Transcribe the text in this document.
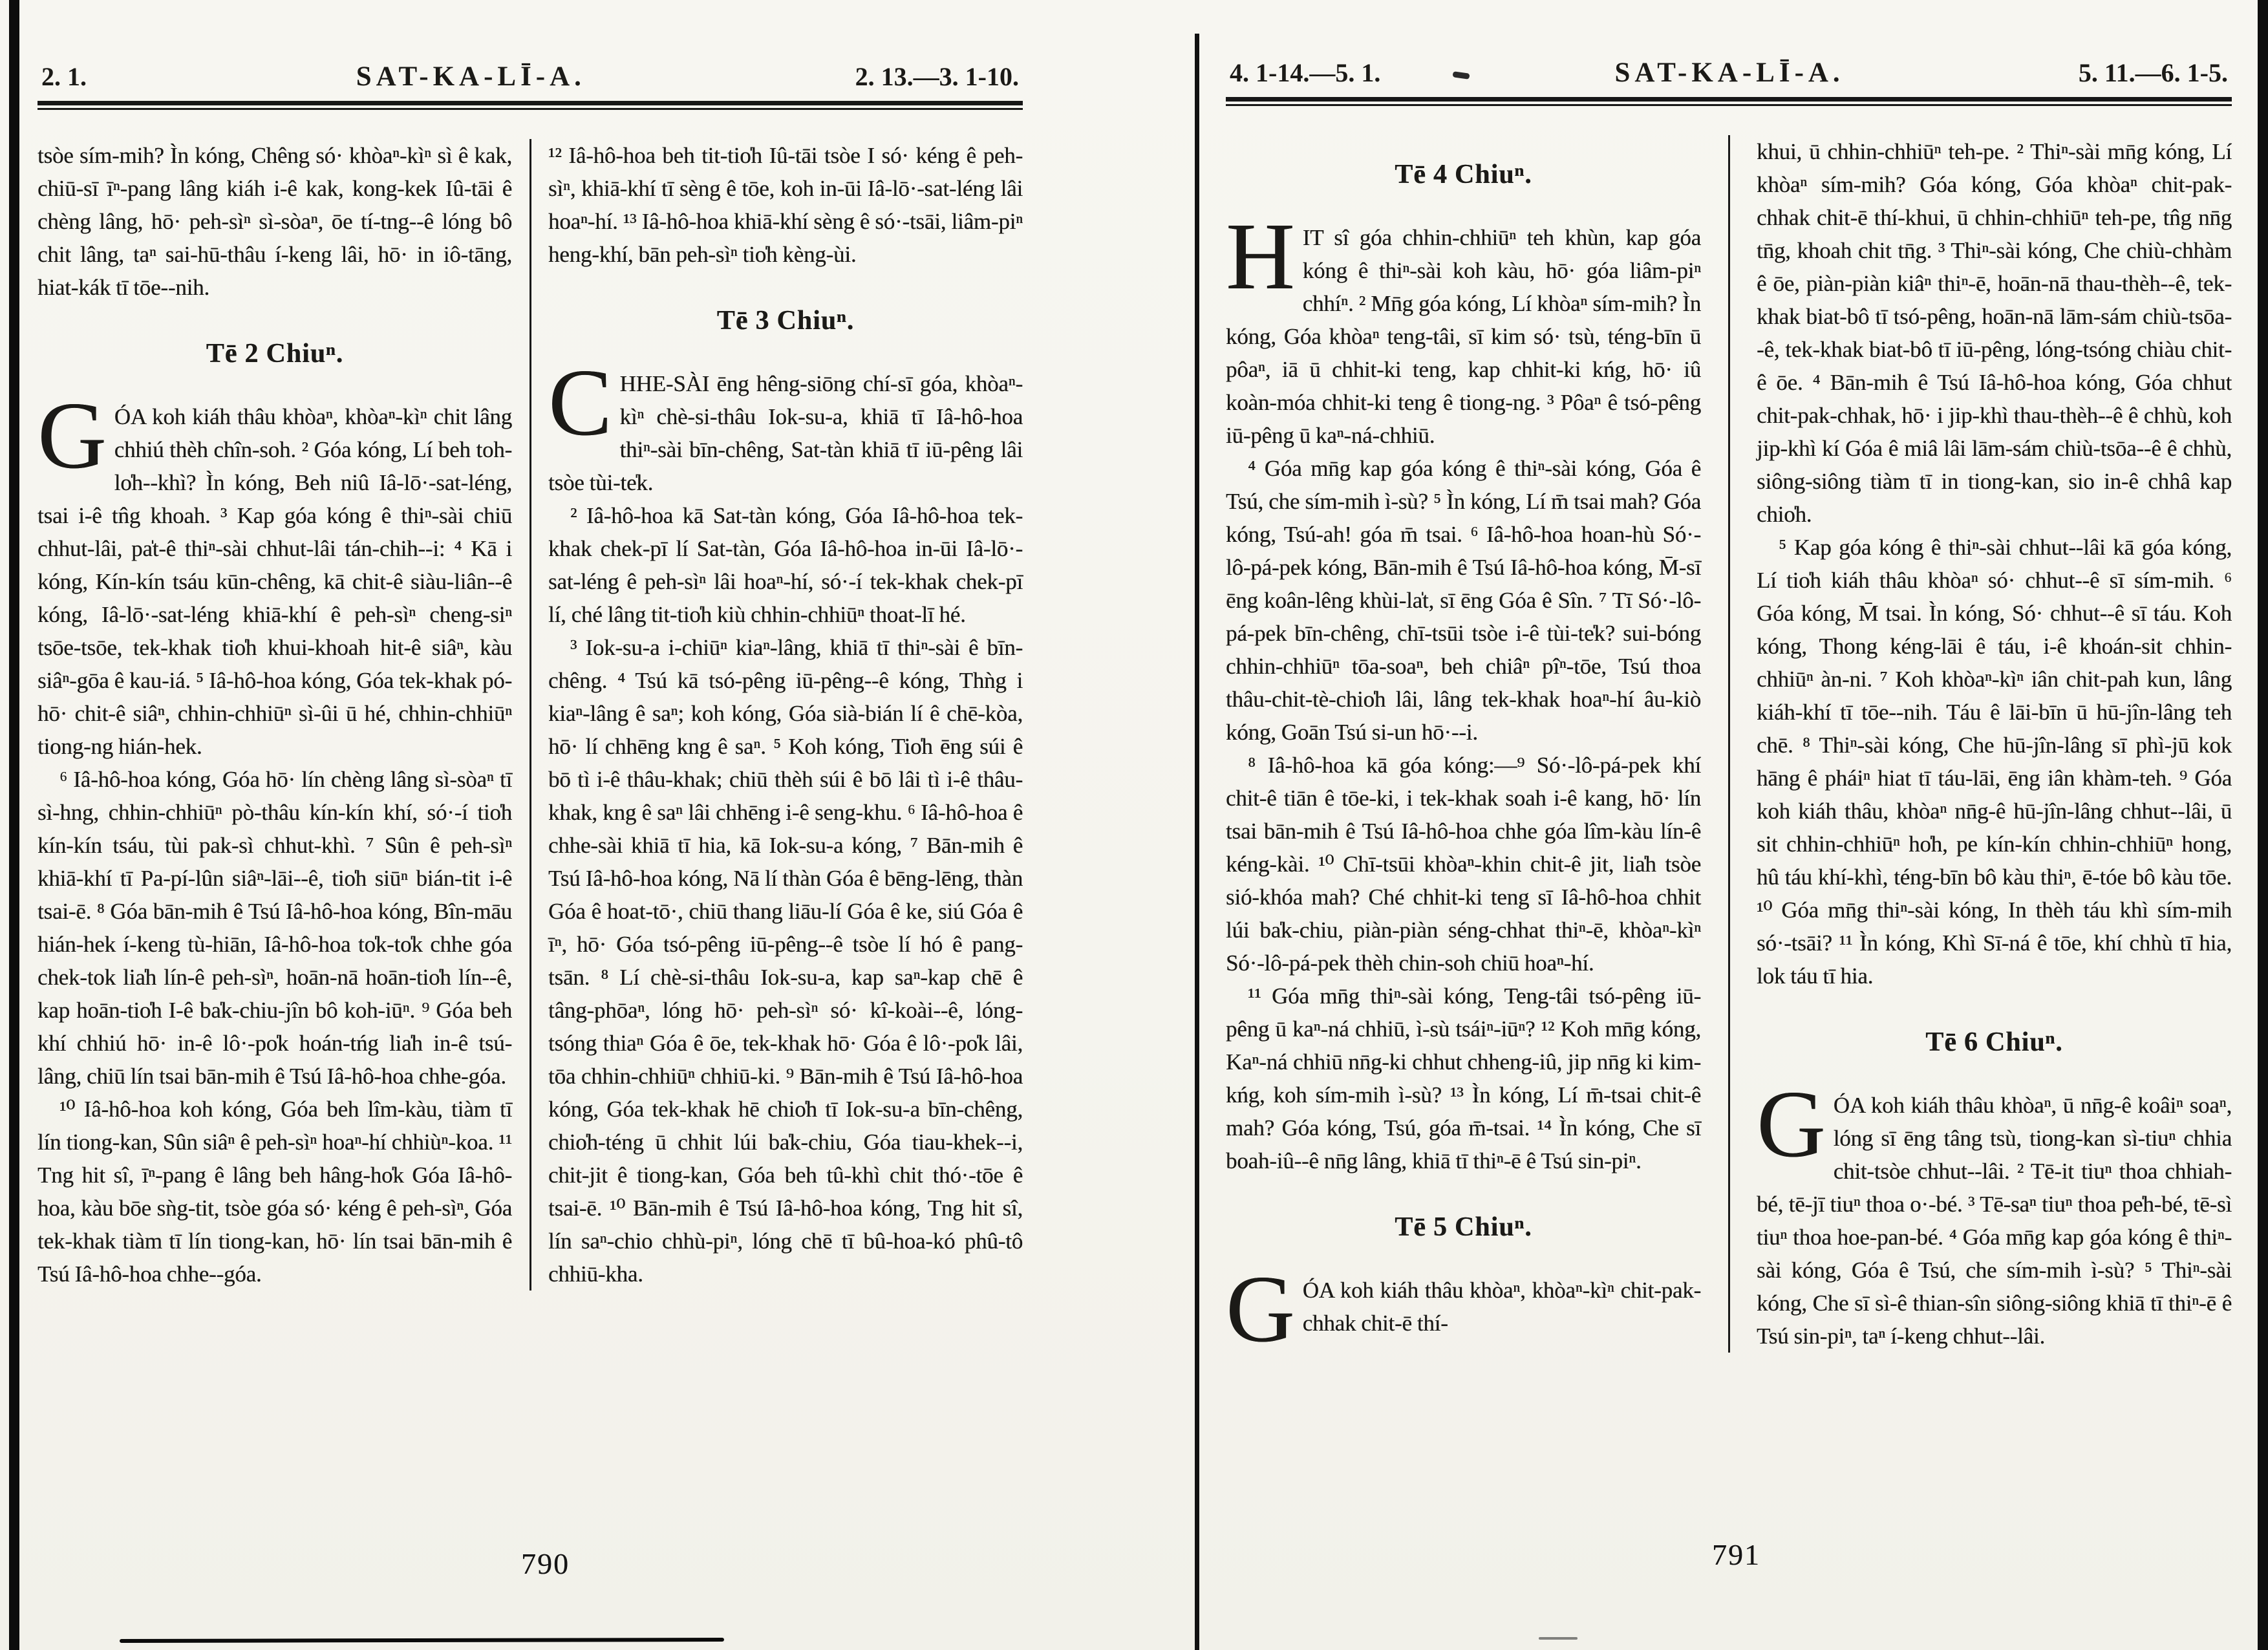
2. 1.	SAT-KA-LĪ-A.	2. 13.—3. 1-10.

tsòe sím-mih? Ìn kóng, Chêng só· khòaⁿ-kìⁿ sì ê kak, chiū-sī īⁿ-pang lâng kiáh i-ê kak, kong-kek Iû-tāi ê chèng lâng, hō· peh-sìⁿ sì-sòaⁿ, ōe tí-tng--ê lóng bô chit lâng, taⁿ sai-hū-thâu í-keng lâi, hō· in iô-tāng, hiat-kák tī tōe--nih.

Tē 2 Chiuⁿ.

GÓA koh kiáh thâu khòaⁿ, khòaⁿ-kìⁿ chit lâng chhiú thèh chîn-soh. ² Góa kóng, Lí beh toh-lo̍h--khì? Ìn kóng, Beh niû Iâ-lō·-sat-léng, tsai i-ê tn̂g khoah. ³ Kap góa kóng ê thiⁿ-sài chiū chhut-lâi, pa̍t-ê thiⁿ-sài chhut-lâi tán-chih--i: ⁴ Kā i kóng, Kín-kín tsáu kūn-chêng, kā chit-ê siàu-liân--ê kóng, Iâ-lō·-sat-léng khiā-khí ê peh-sìⁿ cheng-siⁿ tsōe-tsōe, tek-khak tio̍h khui-khoah hit-ê siâⁿ, kàu siâⁿ-gōa ê kau-iá. ⁵ Iâ-hô-hoa kóng, Góa tek-khak pó-hō· chit-ê siâⁿ, chhin-chhiūⁿ sì-ûi ū hé, chhin-chhiūⁿ tiong-ng hián-hek.

⁶ Iâ-hô-hoa kóng, Góa hō· lín chèng lâng sì-sòaⁿ tī sì-hng, chhin-chhiūⁿ pò-thâu kín-kín khí, só·-í tio̍h kín-kín tsáu, tùi pak-sì chhut-khì. ⁷ Sûn ê peh-sìⁿ khiā-khí tī Pa-pí-lûn siâⁿ-lāi--ê, tio̍h siūⁿ bián-tit i-ê tsai-ē. ⁸ Góa bān-mih ê Tsú Iâ-hô-hoa kóng, Bîn-māu hián-hek í-keng tù-hiān, Iâ-hô-hoa to̍k-to̍k chhe góa chek-tok lia̍h lín-ê peh-sìⁿ, hoān-nā hoān-tio̍h lín--ê, kap hoān-tio̍h I-ê ba̍k-chiu-jîn bô koh-iūⁿ. ⁹ Góa beh khí chhiú hō· in-ê lô·-po̍k hoán-tńg lia̍h in-ê tsú-lâng, chiū lín tsai bān-mih ê Tsú Iâ-hô-hoa chhe-góa.

¹⁰ Iâ-hô-hoa koh kóng, Góa beh lîm-kàu, tiàm tī lín tiong-kan, Sûn siâⁿ ê peh-sìⁿ hoaⁿ-hí chhiùⁿ-koa. ¹¹ Tng hit sî, īⁿ-pang ê lâng beh hâng-ho̍k Góa Iâ-hô-hoa, kàu bōe sǹg-tit, tsòe góa só· kéng ê peh-sìⁿ, Góa tek-khak tiàm tī lín tiong-kan, hō· lín tsai bān-mih ê Tsú Iâ-hô-hoa chhe--góa.

¹² Iâ-hô-hoa beh tit-tio̍h Iû-tāi tsòe I só· kéng ê peh-sìⁿ, khiā-khí tī sèng ê tōe, koh in-ūi Iâ-lō·-sat-léng lâi hoaⁿ-hí. ¹³ Iâ-hô-hoa khiā-khí sèng ê só·-tsāi, liâm-piⁿ heng-khí, bān peh-sìⁿ tio̍h kèng-ùi.

Tē 3 Chiuⁿ.

CHHE-SÀI ēng hêng-siōng chí-sī góa, khòaⁿ-kìⁿ chè-si-thâu Iok-su-a, khiā tī Iâ-hô-hoa thiⁿ-sài bīn-chêng, Sat-tàn khiā tī iū-pêng lâi tsòe tùi-te̍k.

² Iâ-hô-hoa kā Sat-tàn kóng, Góa Iâ-hô-hoa tek-khak chek-pī lí Sat-tàn, Góa Iâ-hô-hoa in-ūi Iâ-lō·-sat-léng ê peh-sìⁿ lâi hoaⁿ-hí, só·-í tek-khak chek-pī lí, ché lâng tit-tio̍h kiù chhin-chhiūⁿ thoat-lī hé.

³ Iok-su-a i-chiūⁿ kiaⁿ-lâng, khiā tī thiⁿ-sài ê bīn-chêng. ⁴ Tsú kā tsó-pêng iū-pêng--ê kóng, Thǹg i kiaⁿ-lâng ê saⁿ; koh kóng, Góa sià-bián lí ê chē-kòa, hō· lí chhēng kng ê saⁿ. ⁵ Koh kóng, Tio̍h ēng súi ê bō tì i-ê thâu-khak; chiū thèh súi ê bō lâi tì i-ê thâu-khak, kng ê saⁿ lâi chhēng i-ê seng-khu. ⁶ Iâ-hô-hoa ê chhe-sài khiā tī hia, kā Iok-su-a kóng, ⁷ Bān-mih ê Tsú Iâ-hô-hoa kóng, Nā lí thàn Góa ê bēng-lēng, thàn Góa ê hoat-tō·, chiū thang liāu-lí Góa ê ke, siú Góa ê īⁿ, hō· Góa tsó-pêng iū-pêng--ê tsòe lí hó ê pang-tsān. ⁸ Lí chè-si-thâu Iok-su-a, kap saⁿ-kap chē ê tâng-phōaⁿ, lóng hō· peh-sìⁿ só· kî-koài--ê, lóng-tsóng thiaⁿ Góa ê ōe, tek-khak hō· Góa ê lô·-po̍k lâi, tōa chhin-chhiūⁿ chhiū-ki. ⁹ Bān-mih ê Tsú Iâ-hô-hoa kóng, Góa tek-khak hē chio̍h tī Iok-su-a bīn-chêng, chio̍h-téng ū chhit lúi ba̍k-chiu, Góa tiau-khek--i, chit-jit ê tiong-kan, Góa beh tû-khì chit thó·-tōe ê tsai-ē. ¹⁰ Bān-mih ê Tsú Iâ-hô-hoa kóng, Tng hit sî, lín saⁿ-chio chhù-piⁿ, lóng chē tī bû-hoa-kó phû-tô chhiū-kha.

4. 1-14.—5. 1.	SAT-KA-LĪ-A.	5. 11.—6. 1-5.
Tē 4 Chiuⁿ.

HIT sî góa chhin-chhiūⁿ teh khùn, kap góa kóng ê thiⁿ-sài koh kàu, hō· góa liâm-piⁿ chhíⁿ. ² Mn̄g góa kóng, Lí khòaⁿ sím-mih? Ìn kóng, Góa khòaⁿ teng-tâi, sī kim só· tsù, téng-bīn ū pôaⁿ, iā ū chhit-ki teng, kap chhit-ki kńg, hō· iû koàn-móa chhit-ki teng ê tiong-ng. ³ Pôaⁿ ê tsó-pêng iū-pêng ū kaⁿ-ná-chhiū.

⁴ Góa mn̄g kap góa kóng ê thiⁿ-sài kóng, Góa ê Tsú, che sím-mih ì-sù? ⁵ Ìn kóng, Lí m̄ tsai mah? Góa kóng, Tsú-ah! góa m̄ tsai. ⁶ Iâ-hô-hoa hoan-hù Só·-lô-pá-pek kóng, Bān-mih ê Tsú Iâ-hô-hoa kóng, M̄-sī ēng koân-lêng khùi-la̍t, sī ēng Góa ê Sîn. ⁷ Tī Só·-lô-pá-pek bīn-chêng, chī-tsūi tsòe i-ê tùi-te̍k? sui-bóng chhin-chhiūⁿ tōa-soaⁿ, beh chiâⁿ pîⁿ-tōe, Tsú thoa thâu-chit-tè-chio̍h lâi, lâng tek-khak hoaⁿ-hí âu-kiò kóng, Goān Tsú si-un hō·--i.

⁸ Iâ-hô-hoa kā góa kóng:—⁹ Só·-lô-pá-pek khí chit-ê tiān ê tōe-ki, i tek-khak soah i-ê kang, hō· lín tsai bān-mih ê Tsú Iâ-hô-hoa chhe góa lîm-kàu lín-ê kéng-kài. ¹⁰ Chī-tsūi khòaⁿ-khin chit-ê jit, lia̍h tsòe sió-khóa mah? Ché chhit-ki teng sī Iâ-hô-hoa chhit lúi ba̍k-chiu, piàn-piàn séng-chhat thiⁿ-ē, khòaⁿ-kìⁿ Só·-lô-pá-pek thèh chin-soh chiū hoaⁿ-hí.

¹¹ Góa mn̄g thiⁿ-sài kóng, Teng-tâi tsó-pêng iū-pêng ū kaⁿ-ná chhiū, ì-sù tsáiⁿ-iūⁿ? ¹² Koh mn̄g kóng, Kaⁿ-ná chhiū nn̄g-ki chhut chheng-iû, jip nn̄g ki kim-kńg, koh sím-mih ì-sù? ¹³ Ìn kóng, Lí m̄-tsai chit-ê mah? Góa kóng, Tsú, góa m̄-tsai. ¹⁴ Ìn kóng, Che sī boah-iû--ê nn̄g lâng, khiā tī thiⁿ-ē ê Tsú sin-piⁿ.

Tē 5 Chiuⁿ.

GÓA koh kiáh thâu khòaⁿ, khòaⁿ-kìⁿ chit-pak-chhak chit-ē thí-

khui, ū chhin-chhiūⁿ teh-pe. ² Thiⁿ-sài mn̄g kóng, Lí khòaⁿ sím-mih? Góa kóng, Góa khòaⁿ chit-pak-chhak chit-ē thí-khui, ū chhin-chhiūⁿ teh-pe, tn̂g nn̄g tn̄g, khoah chit tn̄g. ³ Thiⁿ-sài kóng, Che chiù-chhàm ê ōe, piàn-piàn kiâⁿ thiⁿ-ē, hoān-nā thau-thèh--ê, tek-khak biat-bô tī tsó-pêng, hoān-nā lām-sám chiù-tsōa--ê, tek-khak biat-bô tī iū-pêng, lóng-tsóng chiàu chit-ê ōe. ⁴ Bān-mih ê Tsú Iâ-hô-hoa kóng, Góa chhut chit-pak-chhak, hō· i jip-khì thau-thèh--ê ê chhù, koh jip-khì kí Góa ê miâ lâi lām-sám chiù-tsōa--ê ê chhù, siông-siông tiàm tī in tiong-kan, sio in-ê chhâ kap chio̍h.

⁵ Kap góa kóng ê thiⁿ-sài chhut--lâi kā góa kóng, Lí tio̍h kiáh thâu khòaⁿ só· chhut--ê sī sím-mih. ⁶ Góa kóng, M̄ tsai. Ìn kóng, Só· chhut--ê sī táu. Koh kóng, Thong kéng-lāi ê táu, i-ê khoán-sit chhin-chhiūⁿ àn-ni. ⁷ Koh khòaⁿ-kìⁿ iân chit-pah kun, lâng kiáh-khí tī tōe--nih. Táu ê lāi-bīn ū hū-jîn-lâng teh chē. ⁸ Thiⁿ-sài kóng, Che hū-jîn-lâng sī phì-jū kok hāng ê pháiⁿ hiat tī táu-lāi, ēng iân khàm-teh. ⁹ Góa koh kiáh thâu, khòaⁿ nn̄g-ê hū-jîn-lâng chhut--lâi, ū sit chhin-chhiūⁿ ho̍h, pe kín-kín chhin-chhiūⁿ hong, hû táu khí-khì, téng-bīn bô kàu thiⁿ, ē-tóe bô kàu tōe. ¹⁰ Góa mn̄g thiⁿ-sài kóng, In thèh táu khì sím-mih só·-tsāi? ¹¹ Ìn kóng, Khì Sī-ná ê tōe, khí chhù tī hia, lok táu tī hia.

Tē 6 Chiuⁿ.

GÓA koh kiáh thâu khòaⁿ, ū nn̄g-ê koâiⁿ soaⁿ, lóng sī ēng tâng tsù, tiong-kan sì-tiuⁿ chhia chit-tsòe chhut--lâi. ² Tē-it tiuⁿ thoa chhiah-bé, tē-jī tiuⁿ thoa o·-bé. ³ Tē-saⁿ tiuⁿ thoa pe̍h-bé, tē-sì tiuⁿ thoa hoe-pan-bé. ⁴ Góa mn̄g kap góa kóng ê thiⁿ-sài kóng, Góa ê Tsú, che sím-mih ì-sù? ⁵ Thiⁿ-sài kóng, Che sī sì-ê thian-sîn siông-siông khiā tī thiⁿ-ē ê Tsú sin-piⁿ, taⁿ í-keng chhut--lâi.

790	791
